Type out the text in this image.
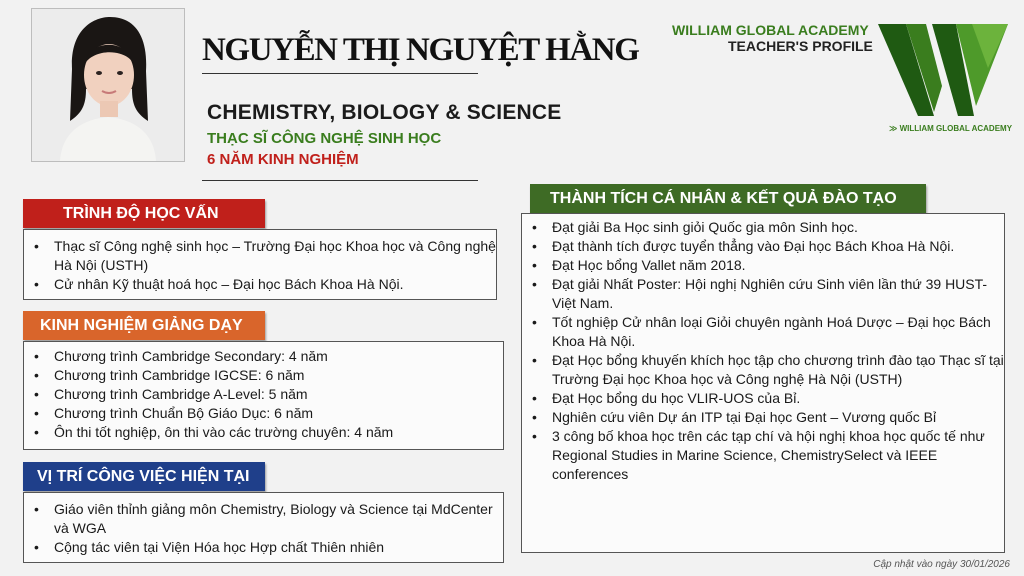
NGUYỄN THỊ NGUYỆT HẰNG
CHEMISTRY, BIOLOGY & SCIENCE
THẠC SĨ CÔNG NGHỆ SINH HỌC
6 NĂM KINH NGHIỆM
WILLIAM GLOBAL ACADEMY
TEACHER'S PROFILE
≫ WILLIAM GLOBAL ACADEMY
TRÌNH ĐỘ HỌC VẤN
• Thạc sĩ Công nghệ sinh học – Trường Đại học Khoa học và Công nghệ Hà Nội (USTH)
• Cử nhân Kỹ thuật hoá học – Đại học Bách Khoa Hà Nội.
KINH NGHIỆM GIẢNG DẠY
• Chương trình Cambridge Secondary: 4 năm
• Chương trình Cambridge IGCSE: 6 năm
• Chương trình Cambridge A-Level: 5 năm
• Chương trình Chuẩn Bộ Giáo Dục: 6 năm
• Ôn thi tốt nghiệp, ôn thi vào các trường chuyên: 4 năm
VỊ TRÍ CÔNG VIỆC HIỆN TẠI
• Giáo viên thỉnh giảng môn Chemistry, Biology và Science tại MdCenter và WGA
• Cộng tác viên tại Viện Hóa học Hợp chất Thiên nhiên
THÀNH TÍCH CÁ NHÂN & KẾT QUẢ ĐÀO TẠO
• Đạt giải Ba Học sinh giỏi Quốc gia môn Sinh học.
• Đạt thành tích được tuyển thẳng vào Đại học Bách Khoa Hà Nội.
• Đạt Học bổng Vallet năm 2018.
• Đạt giải Nhất Poster: Hội nghị Nghiên cứu Sinh viên lần thứ 39 HUST- Việt Nam.
• Tốt nghiệp Cử nhân loại Giỏi chuyên ngành Hoá Dược – Đại học Bách Khoa Hà Nội.
• Đạt Học bổng khuyến khích học tập cho chương trình đào tạo Thạc sĩ tại Trường Đại học Khoa học và Công nghệ Hà Nội (USTH)
• Đạt Học bổng du học VLIR-UOS của Bỉ.
• Nghiên cứu viên Dự án ITP tại Đại học Gent – Vương quốc Bỉ
• 3 công bố khoa học trên các tạp chí và hội nghị khoa học quốc tế như Regional Studies in Marine Science, ChemistrySelect và IEEE conferences
Cập nhật vào ngày 30/01/2026
